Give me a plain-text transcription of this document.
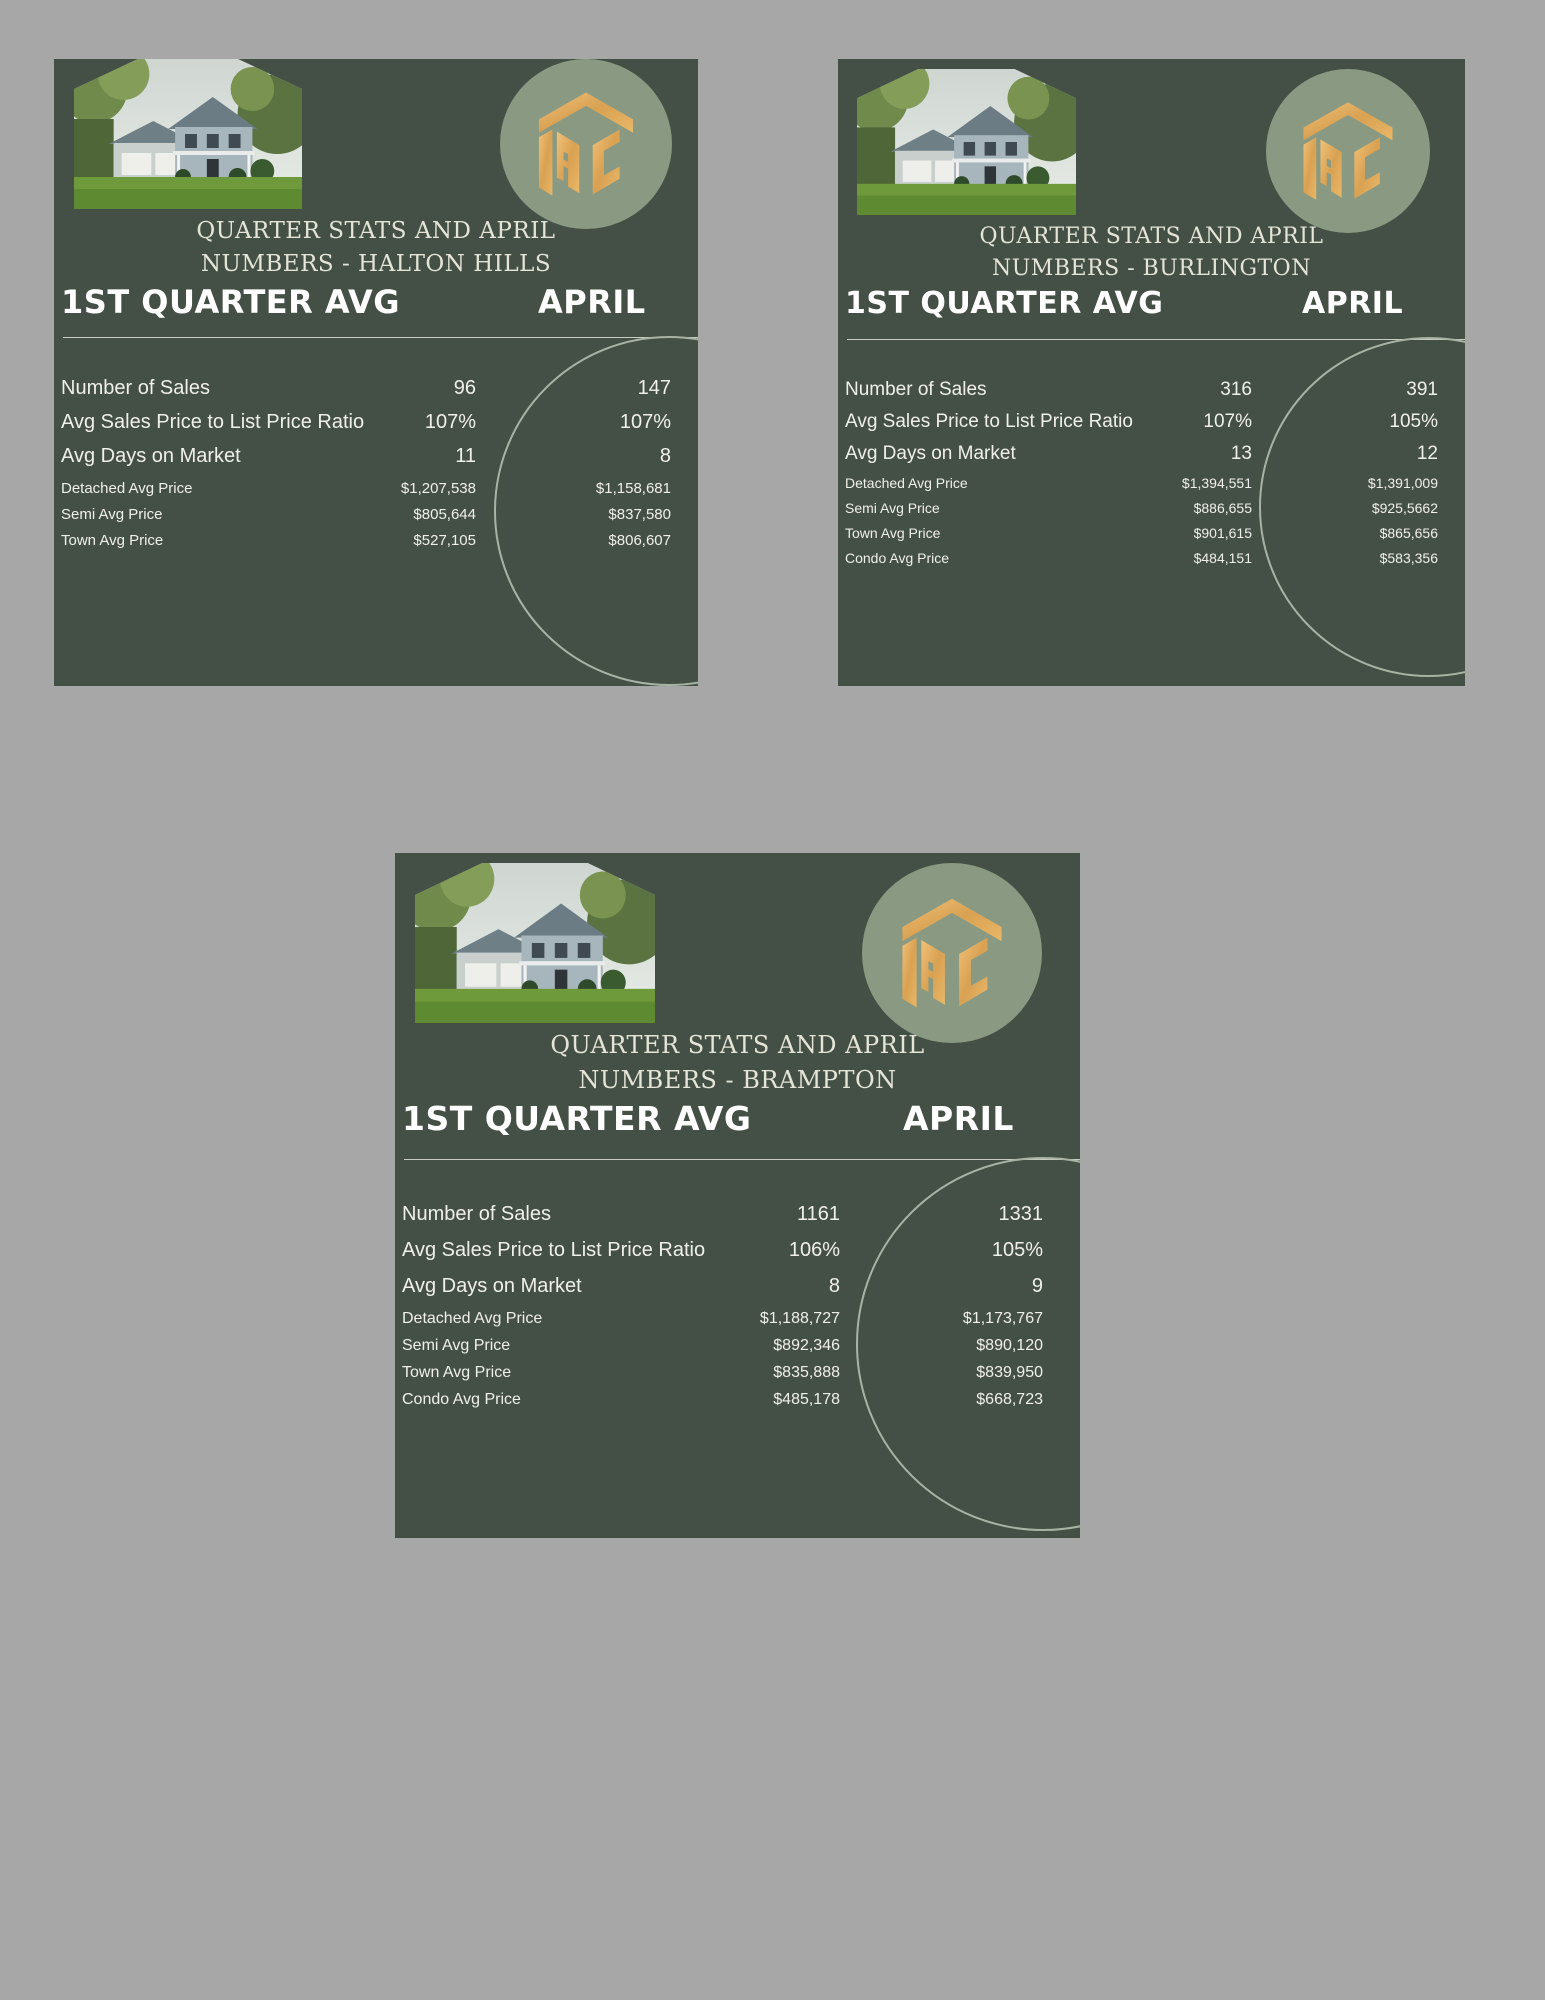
QUARTER STATS AND APRIL
NUMBERS - HALTON HILLS
1ST QUARTER AVG	APRIL
Number of Sales	96	147
Avg Sales Price to List Price Ratio	107%	107%
Avg Days on Market	11	8
Detached Avg Price	$1,207,538	$1,158,681
Semi Avg Price	$805,644	$837,580
Town Avg Price	$527,105	$806,607
QUARTER STATS AND APRIL
NUMBERS - BURLINGTON
1ST QUARTER AVG	APRIL
Number of Sales	316	391
Avg Sales Price to List Price Ratio	107%	105%
Avg Days on Market	13	12
Detached Avg Price	$1,394,551	$1,391,009
Semi Avg Price	$886,655	$925,5662
Town Avg Price	$901,615	$865,656
Condo Avg Price	$484,151	$583,356
QUARTER STATS AND APRIL
NUMBERS - BRAMPTON
1ST QUARTER AVG	APRIL
Number of Sales	1161	1331
Avg Sales Price to List Price Ratio	106%	105%
Avg Days on Market	8	9
Detached Avg Price	$1,188,727	$1,173,767
Semi Avg Price	$892,346	$890,120
Town Avg Price	$835,888	$839,950
Condo Avg Price	$485,178	$668,723
